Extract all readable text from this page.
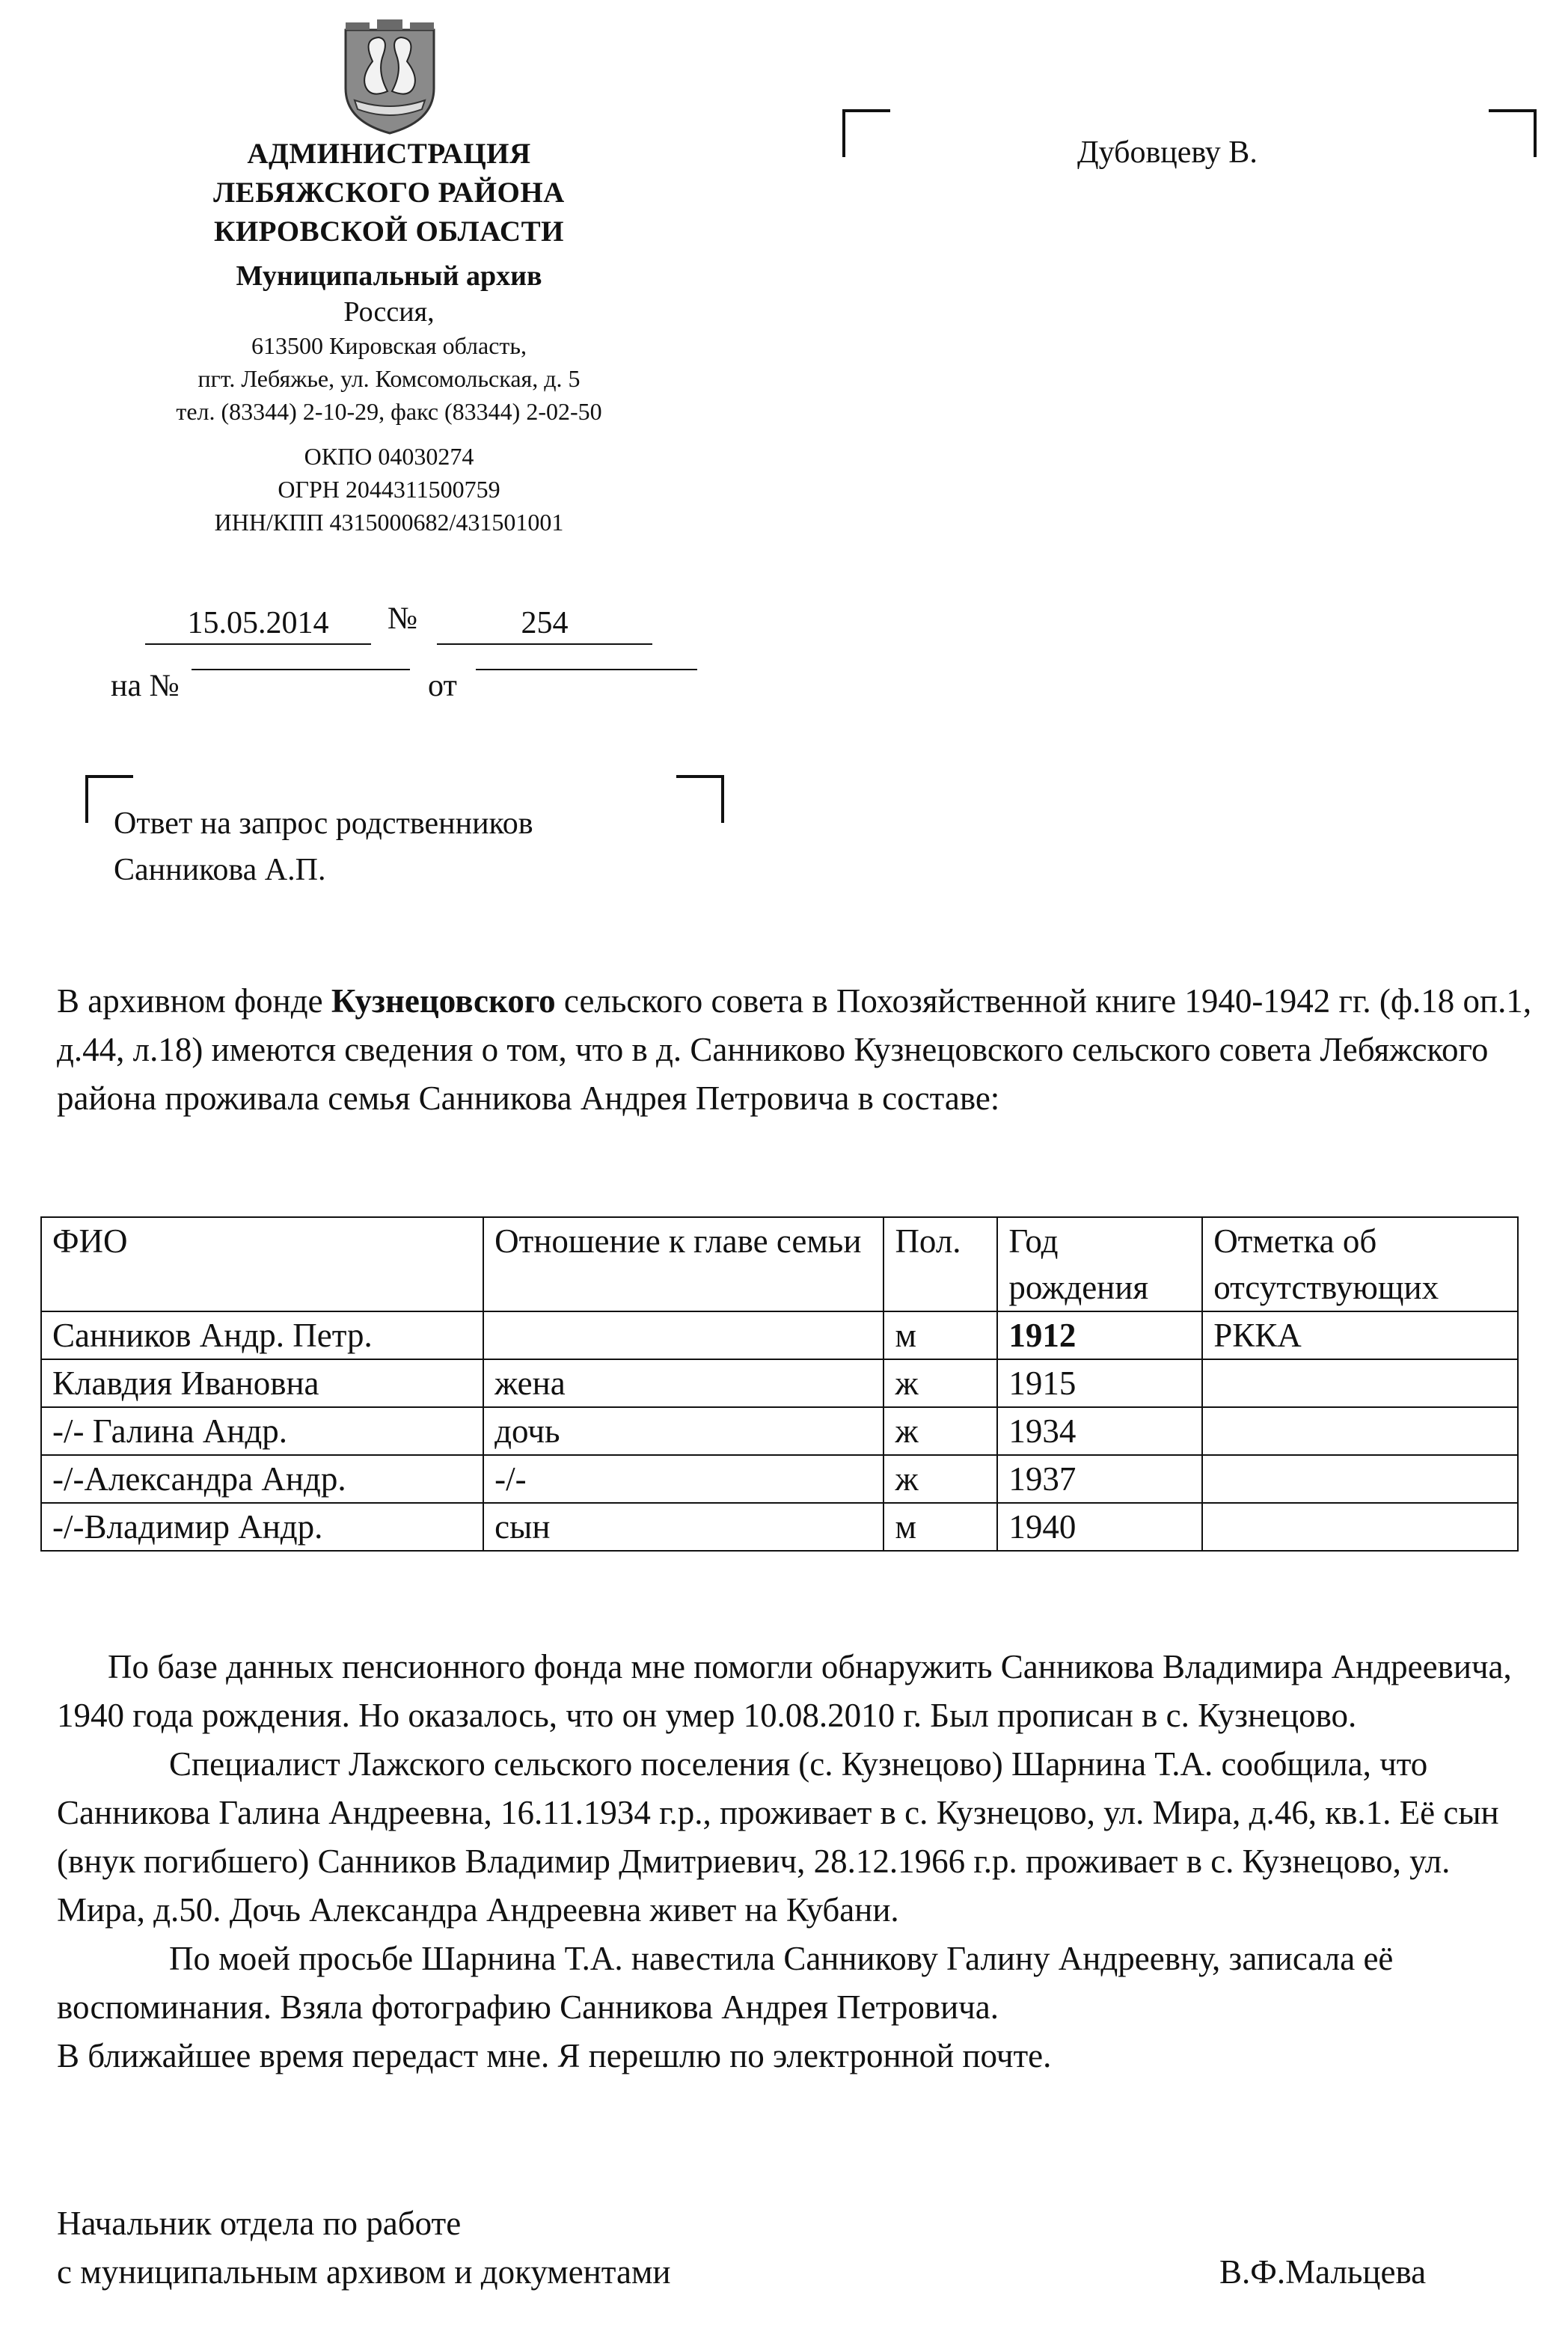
АДМИНИСТРАЦИЯ
ЛЕБЯЖСКОГО РАЙОНА
КИРОВСКОЙ ОБЛАСТИ
Муниципальный архив
Россия,
613500 Кировская область,
пгт. Лебяжье, ул. Комсомольская, д. 5
тел. (83344) 2-10-29, факс (83344) 2-02-50
ОКПО 04030274
ОГРН 2044311500759
ИНН/КПП 4315000682/431501001
Дубовцеву В.
15.05.2014	№	254
на №	от
Ответ на запрос родственников
Санникова А.П.
В архивном фонде Кузнецовского сельского совета в Похозяйственной книге 1940-1942 гг. (ф.18 оп.1, д.44, л.18) имеются сведения о том, что в д. Санниково Кузнецовского сельского совета Лебяжского района проживала семья Санникова Андрея Петровича в составе:
ФИО	Отношение к главе семьи	Пол.	Год рождения	Отметка об отсутствующих
Санников Андр. Петр.		м	1912	РККА
Клавдия Ивановна	жена	ж	1915	
-/- Галина Андр.	дочь	ж	1934	
-/-Александра Андр.	-/-	ж	1937	
-/-Владимир Андр.	сын	м	1940	

По базе данных пенсионного фонда мне помогли обнаружить Санникова Владимира Андреевича, 1940 года рождения. Но оказалось, что он умер 10.08.2010 г. Был прописан в с. Кузнецово.

Специалист Лажского сельского поселения (с. Кузнецово) Шарнина Т.А. сообщила, что Санникова Галина Андреевна, 16.11.1934 г.р., проживает в с. Кузнецово, ул. Мира, д.46, кв.1. Её сын (внук погибшего) Санников Владимир Дмитриевич, 28.12.1966 г.р. проживает в с. Кузнецово, ул. Мира, д.50. Дочь Александра Андреевна живет на Кубани.

По моей просьбе Шарнина Т.А. навестила Санникову Галину Андреевну, записала её воспоминания. Взяла фотографию Санникова Андрея Петровича.

В ближайшее время передаст мне. Я перешлю по электронной почте.

Начальник отдела по работе
с муниципальным архивом и документами	В.Ф.Мальцева
